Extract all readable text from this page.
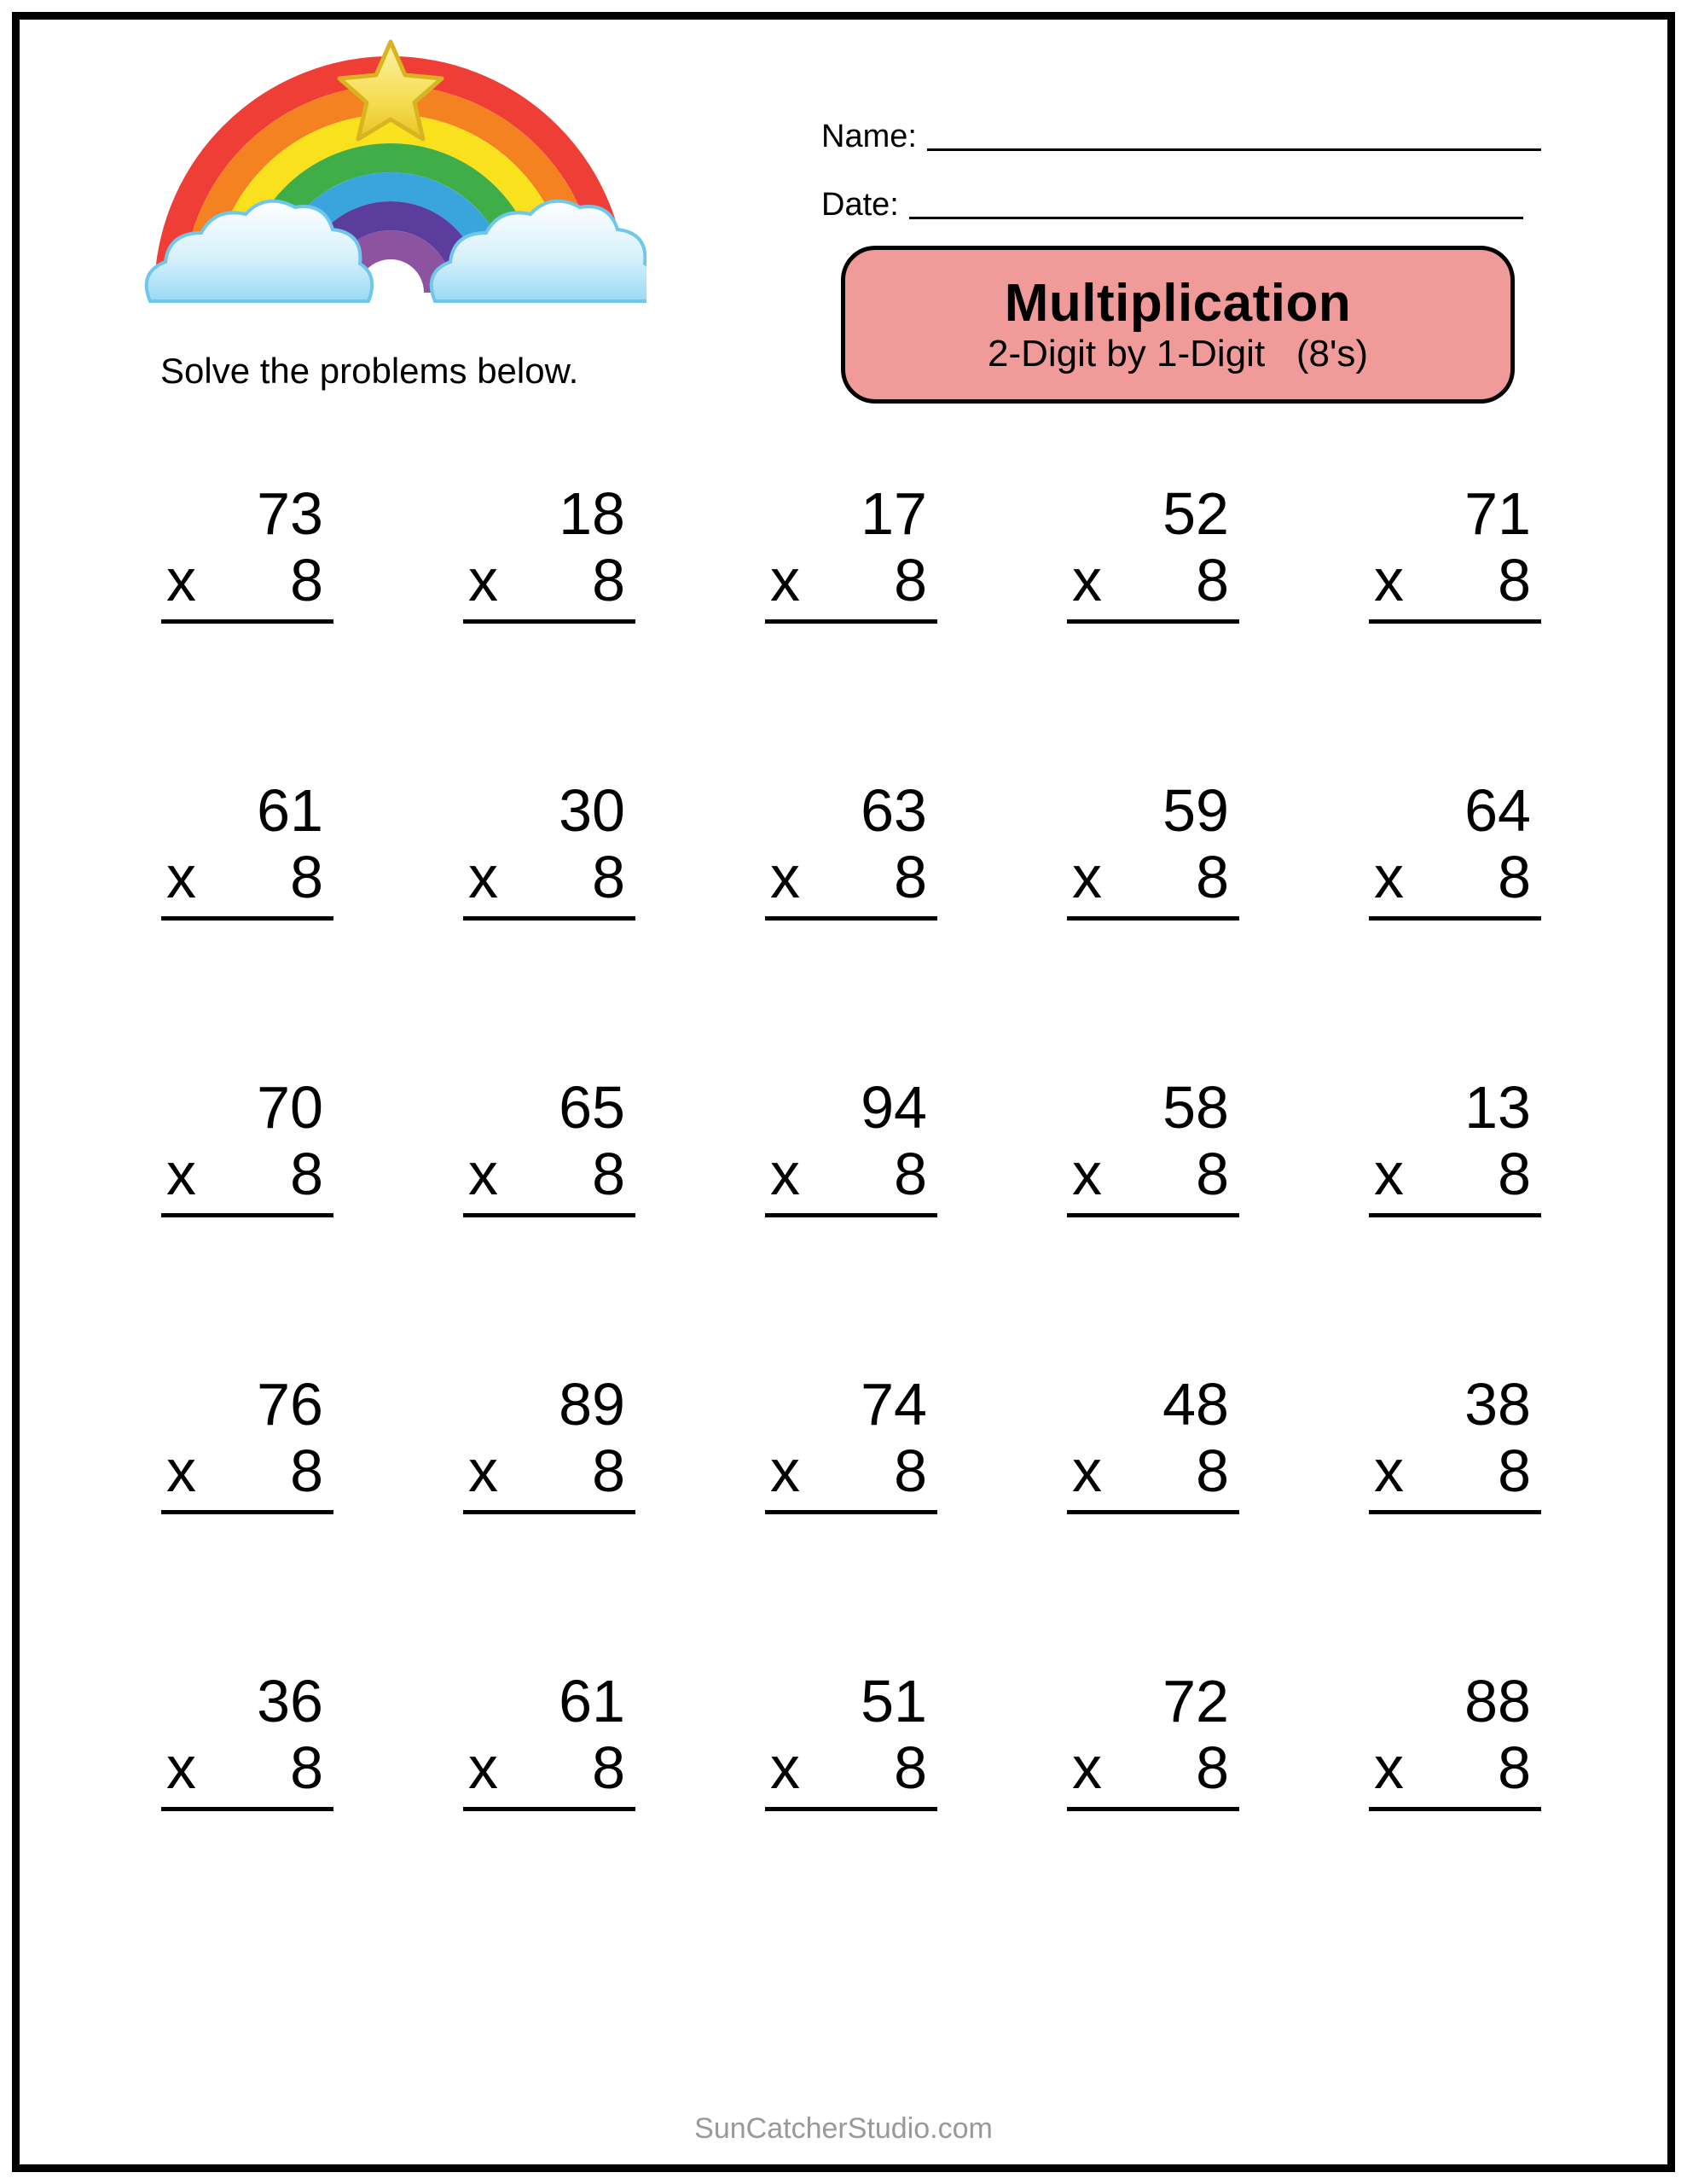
Solve the problems below.
Name:
Date:
Multiplication
2-Digit by 1-Digit   (8's)
73
x 8
18
x 8
17
x 8
52
x 8
71
x 8
61
x 8
30
x 8
63
x 8
59
x 8
64
x 8
70
x 8
65
x 8
94
x 8
58
x 8
13
x 8
76
x 8
89
x 8
74
x 8
48
x 8
38
x 8
36
x 8
61
x 8
51
x 8
72
x 8
88
x 8
SunCatcherStudio.com
